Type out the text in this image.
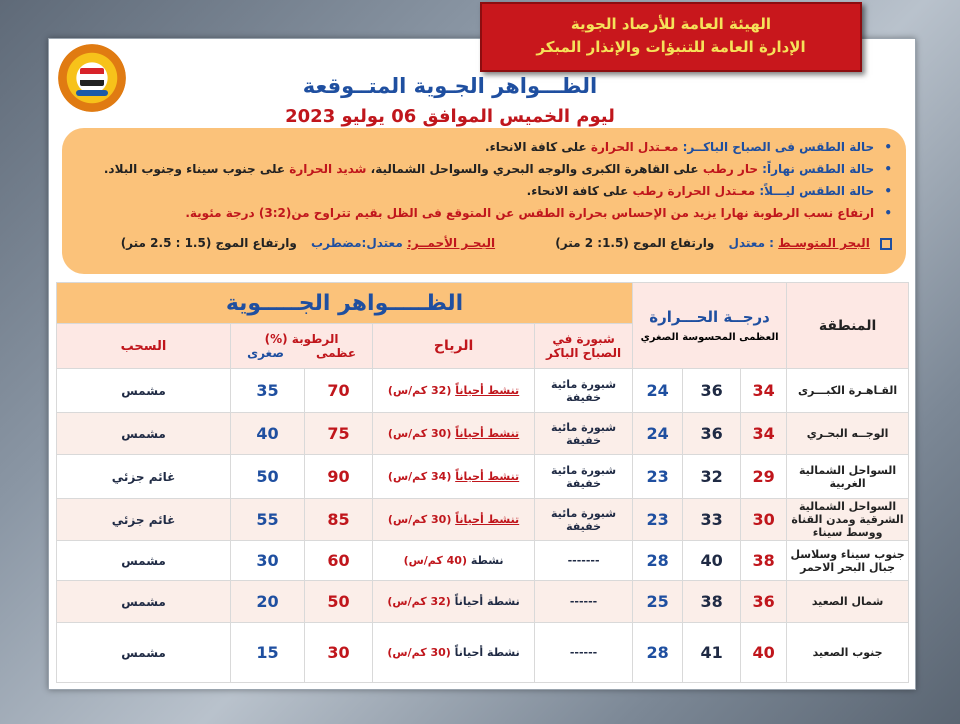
الهيئة العامة للأرصاد الجوية
الإدارة العامة للتنبؤات والإنذار المبكر
الظـــواهر الجـوية المتــوقعة
ليوم الخميس الموافق 06 يوليو 2023
• حالة الطقس فى الصباح الباكــر: معـتدل الحرارة على كافة الانحاء.
• حالة الطقس نهاراً: حار رطب على القاهرة الكبرى والوجه البحري والسواحل الشمالية، شديد الحرارة على جنوب سيناء وجنوب البلاد.
• حالة الطقس ليـــلاً: معـتدل الحرارة رطب على كافة الانحاء.
• ارتفاع نسب الرطوبة نهارا يزيد من الإحساس بحرارة الطقس عن المتوقع فى الظل بقيم تتراوح من(3:2) درجة مئوية.
البحر المتوسـط : معتدل وارتفاع الموج (1.5: 2 متر) البحـر الأحمــر: معتدل:مضطرب وارتفاع الموج (1.5 : 2.5 متر)
المنطقة	درجــة الحـــرارة
العظمى المحسوسة الصغري			الظـــــواهر الجـــــوية				
				شبورة في الصباح الباكر	الرياح	الرطوبة (%)
عظمى
صغرى		السحب
القـاهـرة الكبـــرى	34	36	24	شبورة مائية خفيفة	تنشط أحياناً (32 كم/س)	70	35	مشمس
الوجــه البحـري	34	36	24	شبورة مائية خفيفة	تنشط أحياناً (30 كم/س)	75	40	مشمس
السواحل الشمالية الغربية	29	32	23	شبورة مائية خفيفة	تنشط أحياناً (34 كم/س)	90	50	غائم جزئي
السواحل الشمالية الشرقية ومدن القناة ووسط سيناء	30	33	23	شبورة مائية خفيفة	تنشط أحياناً (30 كم/س)	85	55	غائم جزئي
جنوب سيناء وسلاسل جبال البحر الاحمر	38	40	28	-------	نشطة (40 كم/س)	60	30	مشمس
شمال الصعيد	36	38	25	------	نشطة أحياناً (32 كم/س)	50	20	مشمس
جنوب الصعيد	40	41	28	------	نشطة أحياناً (30 كم/س)	30	15	مشمس
